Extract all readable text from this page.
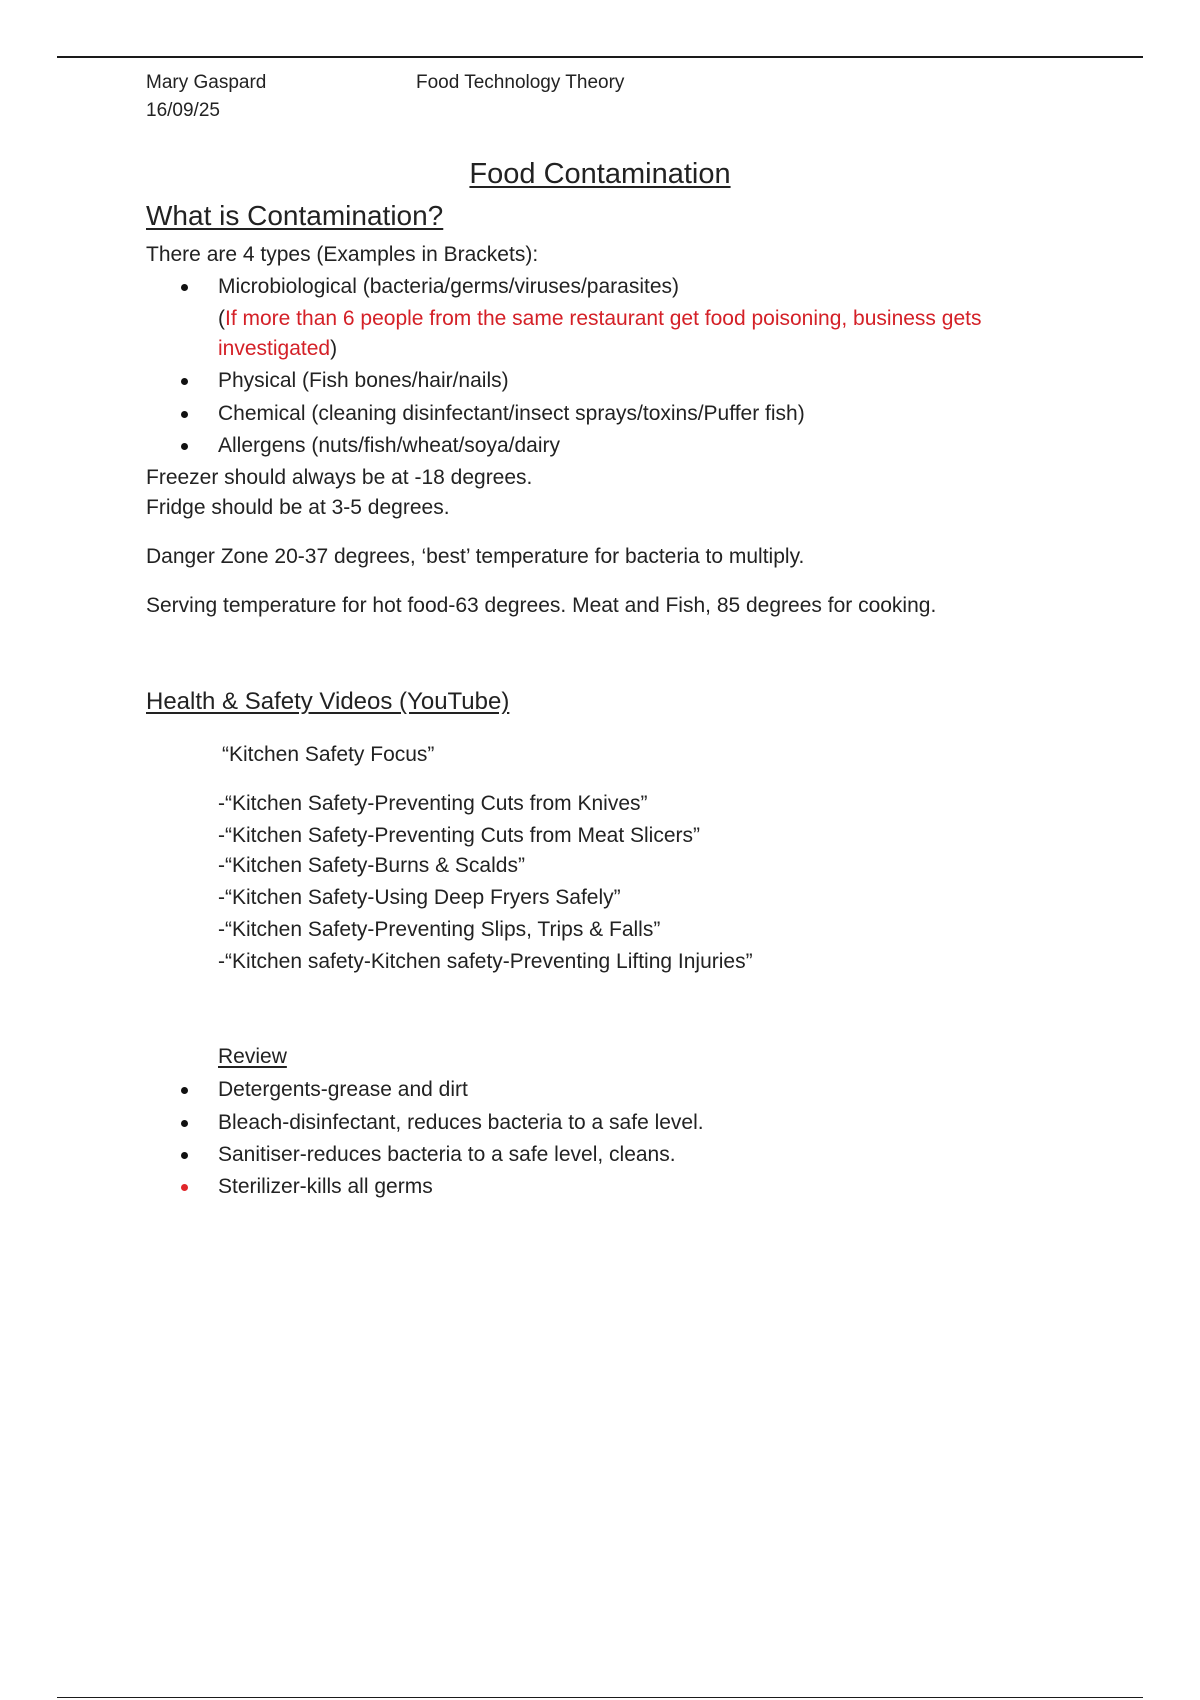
Mary Gaspard
16/09/25
Food Technology Theory
Food Contamination
What is Contamination?
There are 4 types (Examples in Brackets):
Microbiological (bacteria/germs/viruses/parasites)
(If more than 6 people from the same restaurant get food poisoning, business gets
investigated)
Physical (Fish bones/hair/nails)
Chemical (cleaning disinfectant/insect sprays/toxins/Puffer fish)
Allergens (nuts/fish/wheat/soya/dairy
Freezer should always be at -18 degrees.
Fridge should be at 3-5 degrees.
Danger Zone 20-37 degrees, ‘best’ temperature for bacteria to multiply.
Serving temperature for hot food-63 degrees. Meat and Fish, 85 degrees for cooking.
Health & Safety Videos (YouTube)
“Kitchen Safety Focus”
-“Kitchen Safety-Preventing Cuts from Knives”
-“Kitchen Safety-Preventing Cuts from Meat Slicers”
-“Kitchen Safety-Burns & Scalds”
-“Kitchen Safety-Using Deep Fryers Safely”
-“Kitchen Safety-Preventing Slips, Trips & Falls”
-“Kitchen safety-Kitchen safety-Preventing Lifting Injuries”
Review
Detergents-grease and dirt
Bleach-disinfectant, reduces bacteria to a safe level.
Sanitiser-reduces bacteria to a safe level, cleans.
Sterilizer-kills all germs
